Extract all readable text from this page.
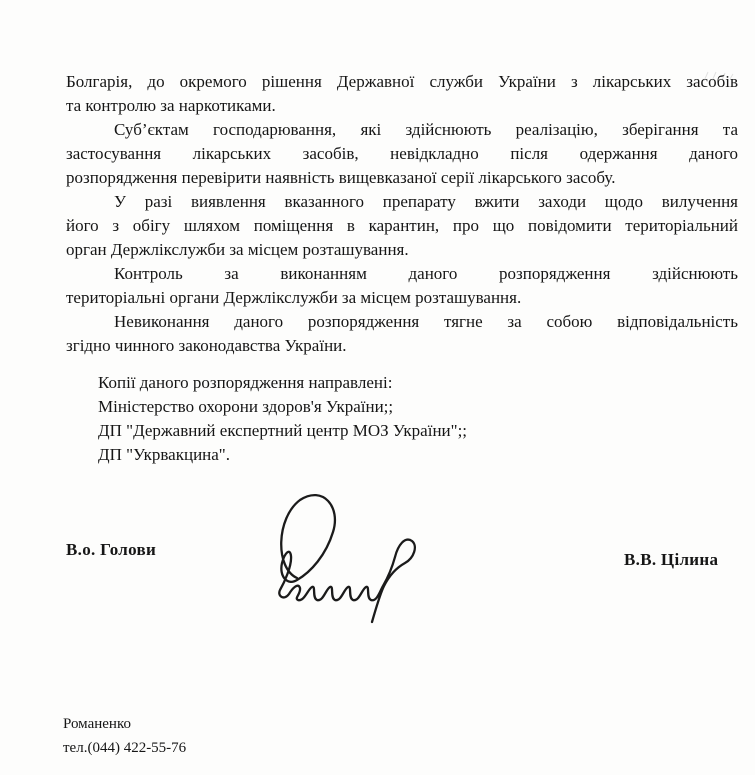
Болгарія, до окремого рішення Державної служби України з лікарських засобів
та контролю за наркотиками.
Суб’єктам господарювання, які здійснюють реалізацію, зберігання та
застосування лікарських засобів, невідкладно після одержання даного
розпорядження перевірити наявність вищевказаної серії лікарського засобу.
У разі виявлення вказанного препарату вжити заходи щодо вилучення
його з обігу шляхом поміщення в карантин, про що повідомити територіальний
орган Держлікслужби за місцем розташування.
Контроль за виконанням даного розпорядження здійснюють
територіальні органи Держлікслужби за місцем розташування.
Невиконання даного розпорядження тягне за собою відповідальність
згідно чинного законодавства України.
Копії даного розпорядження направлені:
Міністерство охорони здоров'я України;;
ДП "Державний експертний центр МОЗ України";;
ДП "Укрвакцина".
В.о. Голови
В.В. Цілина
Романенко
тел.(044) 422-55-76
